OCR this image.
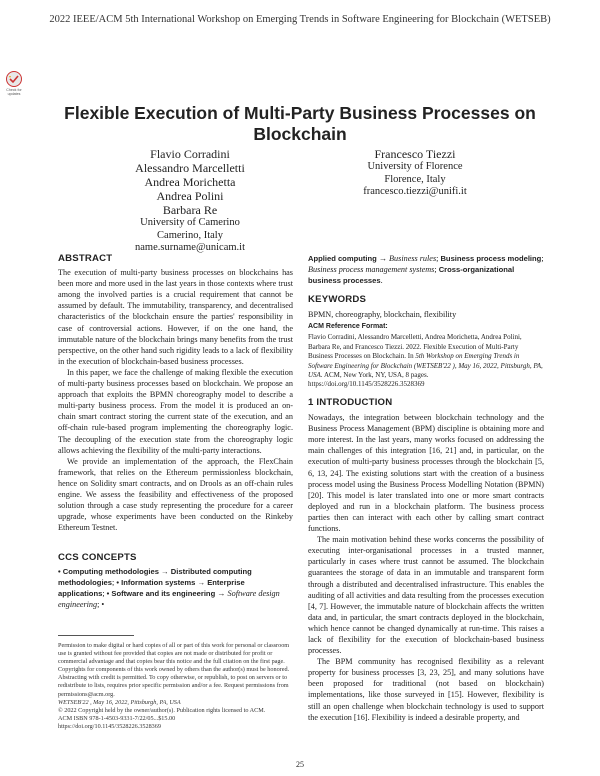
2022 IEEE/ACM 5th International Workshop on Emerging Trends in Software Engineering for Blockchain (WETSEB)
Check for updates
Flexible Execution of Multi-Party Business Processes on Blockchain
Flavio Corradini
Alessandro Marcelletti
Andrea Morichetta
Andrea Polini
Barbara Re
University of Camerino
Camerino, Italy
name.surname@unicam.it
Francesco Tiezzi
University of Florence
Florence, Italy
francesco.tiezzi@unifi.it
ABSTRACT

The execution of multi-party business processes on blockchains has been more and more used in the last years in those contexts where trust among the involved parties is a crucial requirement that cannot be assumed by default. The immutability, transparency, and decentralised characteristics of the blockchain ensure the parties' responsibility in case of controversial actions. However, if on the one hand, the immutable nature of the blockchain brings many benefits from the trust perspective, on the other hand such rigidity leads to a lack of flexibility in the execution of blockchain-based business processes.

In this paper, we face the challenge of making flexible the execution of multi-party business processes based on blockchain. We propose an approach that exploits the BPMN choreography model to describe a multi-party business process. From the model it is produced an on-chain smart contract storing the current state of the execution, and an off-chain rule-based program implementing the choreography logic. The decoupling of the execution state from the choreography logic allows achieving the flexibility of the multi-party interactions.

We provide an implementation of the approach, the FlexChain framework, that relies on the Ethereum permissionless blockchain, hence on Solidity smart contracts, and on Drools as an off-chain rules engine. We assess the feasibility and effectiveness of the proposed solution through a case study representing the procedure for a career upgrade, whose experiments have been conducted on the Rinkeby Ethereum Testnet.

CCS CONCEPTS

• Computing methodologies → Distributed computing methodologies; • Information systems → Enterprise applications; • Software and its engineering → Software design engineering; •

Permission to make digital or hard copies of all or part of this work for personal or classroom use is granted without fee provided that copies are not made or distributed for profit or commercial advantage and that copies bear this notice and the full citation on the first page. Copyrights for components of this work owned by others than the author(s) must be honored. Abstracting with credit is permitted. To copy otherwise, or republish, to post on servers or to redistribute to lists, requires prior specific permission and/or a fee. Request permissions from permissions@acm.org.

WETSEB'22 , May 16, 2022, Pittsburgh, PA, USA

© 2022 Copyright held by the owner/author(s). Publication rights licensed to ACM.

ACM ISBN 978-1-4503-9331-7/22/05...$15.00

https://doi.org/10.1145/3528226.3528369

Applied computing → Business rules; Business process modeling; Business process management systems; Cross-organizational business processes.

KEYWORDS

BPMN, choreography, blockchain, flexibility

ACM Reference Format:

Flavio Corradini, Alessandro Marcelletti, Andrea Morichetta, Andrea Polini, Barbara Re, and Francesco Tiezzi. 2022. Flexible Execution of Multi-Party Business Processes on Blockchain. In 5th Workshop on Emerging Trends in Software Engineering for Blockchain (WETSEB'22 ), May 16, 2022, Pittsburgh, PA, USA. ACM, New York, NY, USA, 8 pages. https://doi.org/10.1145/3528226.3528369

1 INTRODUCTION

Nowadays, the integration between blockchain technology and the Business Process Management (BPM) discipline is obtaining more and more interest. In the last years, many works focused on addressing the main challenges of this integration [16, 21] and, in particular, on the execution of multi-party business processes through the blockchain [5, 6, 13, 24]. The existing solutions start with the creation of a business process model using the Business Process Modelling Notation (BPMN) [20]. This model is later translated into one or more smart contracts deployed and run in a blockchain platform. The business process parties then can interact with each other by calling smart contract functions.

The main motivation behind these works concerns the possibility of executing inter-organisational processes in a trusted manner, particularly in cases where trust cannot be assumed. The blockchain guarantees the storage of data in an immutable and transparent form through a distributed and decentralised infrastructure. This enables the auditing of all activities and data resulting from the processes execution [4, 7]. However, the immutable nature of blockchain affects the written data and, in particular, the smart contracts deployed in the blockchain, which hence cannot be changed dynamically at run-time. This raises a lack of flexibility for the execution of blockchain-based business processes.

The BPM community has recognised flexibility as a relevant property for business processes [3, 23, 25], and many solutions have been proposed for traditional (not based on blockchain) implementations, like those surveyed in [15]. However, flexibility is still an open challenge when blockchain technology is used to support the execution [16]. Flexibility is indeed a desirable property, and

25
